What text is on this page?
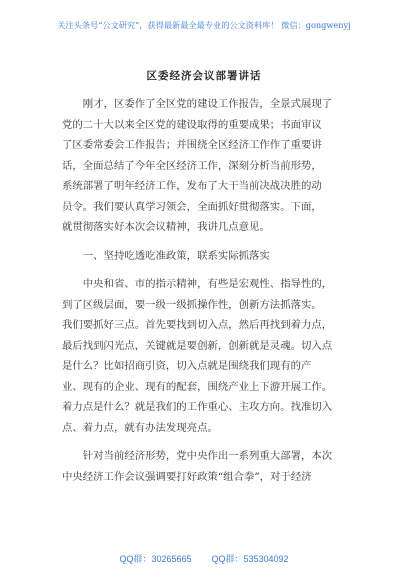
关注头条号“公文研究”，获得最新最全最专业的公文资料库！ 微信：gongwenyj
区委经济会议部署讲话

　　刚才，区委作了全区党的建设工作报告，全景式展现了
党的二十大以来全区党的建设取得的重要成果；书面审议
了区委常委会工作报告；并围绕全区经济工作作了重要讲
话，全面总结了今年全区经济工作，深刻分析当前形势，
系统部署了明年经济工作，发布了大干当前决战决胜的动
员令。我们要认真学习领会，全面抓好贯彻落实。下面，
就贯彻落实好本次会议精神，我讲几点意见。

　　一、坚持吃透吃准政策，联系实际抓落实

　　中央和省、市的指示精神，有些是宏观性、指导性的，
到了区级层面，要一级一级抓操作性，创新方法抓落实。
我们要抓好三点。首先要找到切入点，然后再找到着力点，
最后找到闪光点，关键就是要创新，创新就是灵魂。切入点
是什么？比如招商引资，切入点就是围绕我们现有的产
业、现有的企业、现有的配套，围绕产业上下游开展工作。
着力点是什么？就是我们的工作重心、主攻方向。找准切入
点、着力点，就有办法发现亮点。

　　针对当前经济形势，党中央作出一系列重大部署，本次
中央经济工作会议强调要打好政策“组合拳”，对于经济

QQ群：30265665 QQ群：535304092
